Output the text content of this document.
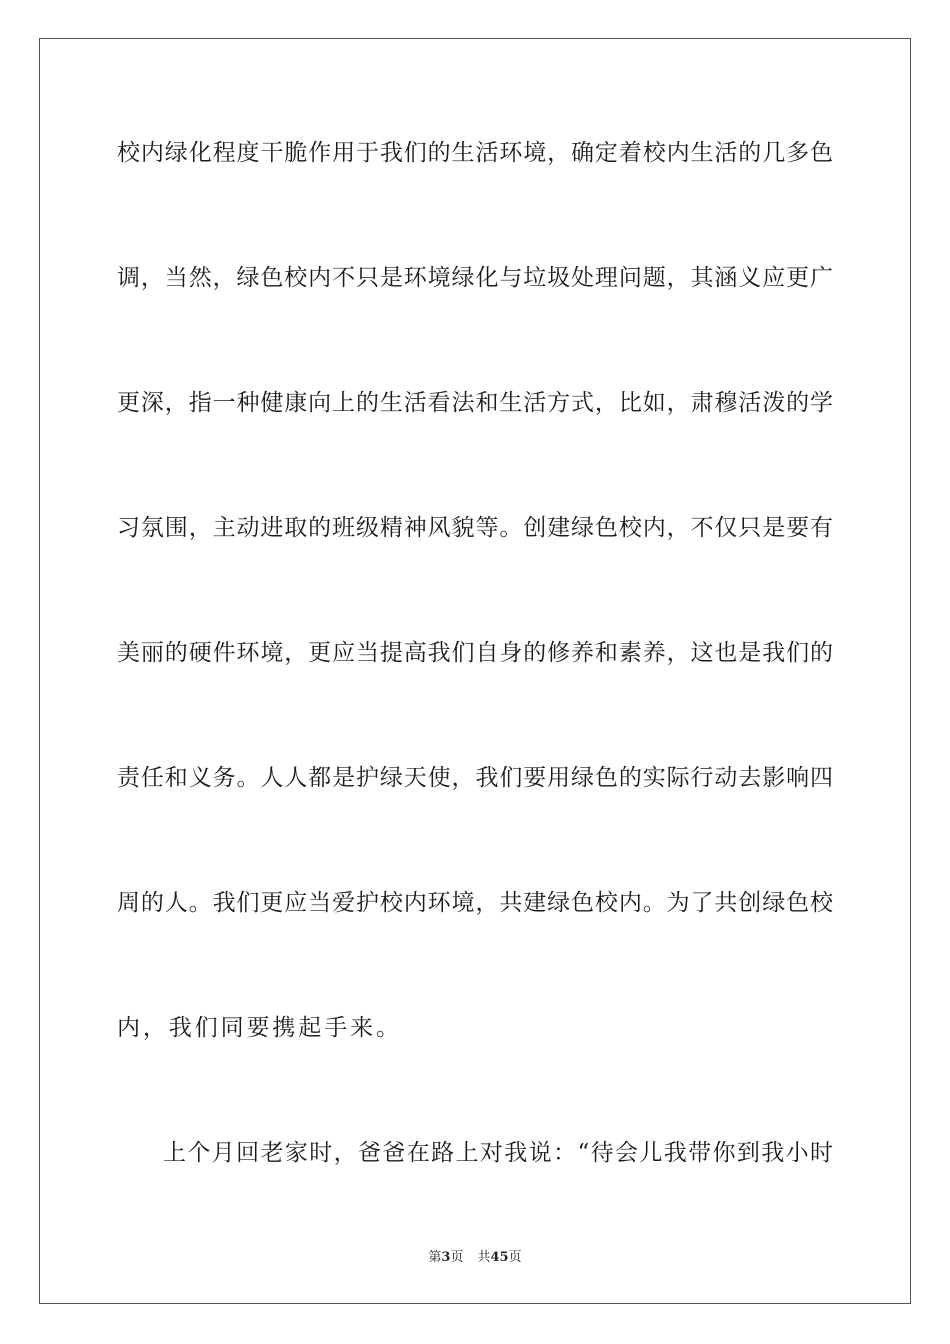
校内绿化程度干脆作用于我们的生活环境，确定着校内生活的几多色
调，当然，绿色校内不只是环境绿化与垃圾处理问题，其涵义应更广
更深，指一种健康向上的生活看法和生活方式，比如，肃穆活泼的学
习氛围，主动进取的班级精神风貌等。创建绿色校内，不仅只是要有
美丽的硬件环境，更应当提高我们自身的修养和素养，这也是我们的
责任和义务。人人都是护绿天使，我们要用绿色的实际行动去影响四
周的人。我们更应当爱护校内环境，共建绿色校内。为了共创绿色校
内，我们同要携起手来。
上个月回老家时，爸爸在路上对我说：“待会儿我带你到我小时
第3页 共45页
